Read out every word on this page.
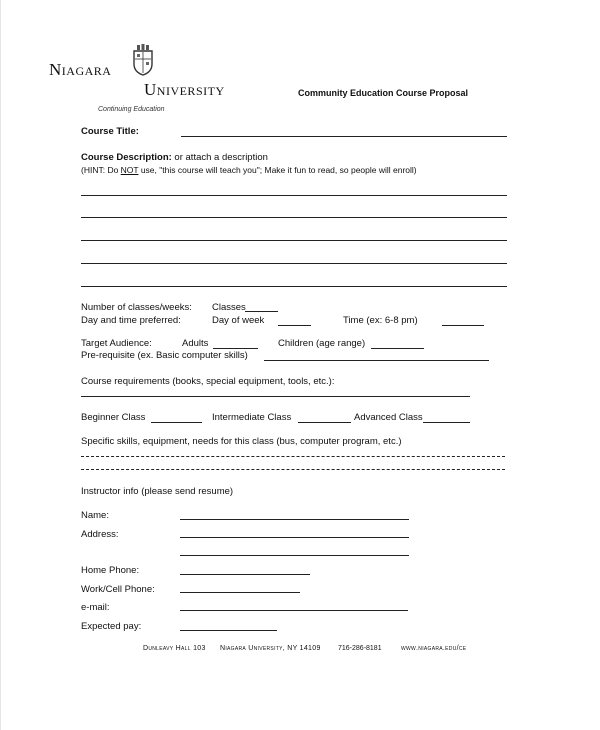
Niagara
University
Continuing Education
Community Education Course Proposal
Course Title:
Course Description: or attach a description
(HINT: Do NOT use, "this course will teach you"; Make it fun to read, so people will enroll)
Number of classes/weeks: Classes
Day and time preferred:	Day of week	Time (ex: 6-8 pm)
Target Audience:	Adults	Children (age range)
Pre-requisite (ex. Basic computer skills)
Course requirements (books, special equipment, tools, etc.):
Beginner Class	Intermediate Class	Advanced Class
Specific skills, equipment, needs for this class (bus, computer program, etc.)
Instructor info (please send resume)
Name:
Address:
Home Phone:
Work/Cell Phone:
e-mail:
Expected pay:
Dunleavy Hall 103 Niagara University, NY 14109 716-286-8181	www.niagara.edu/ce
